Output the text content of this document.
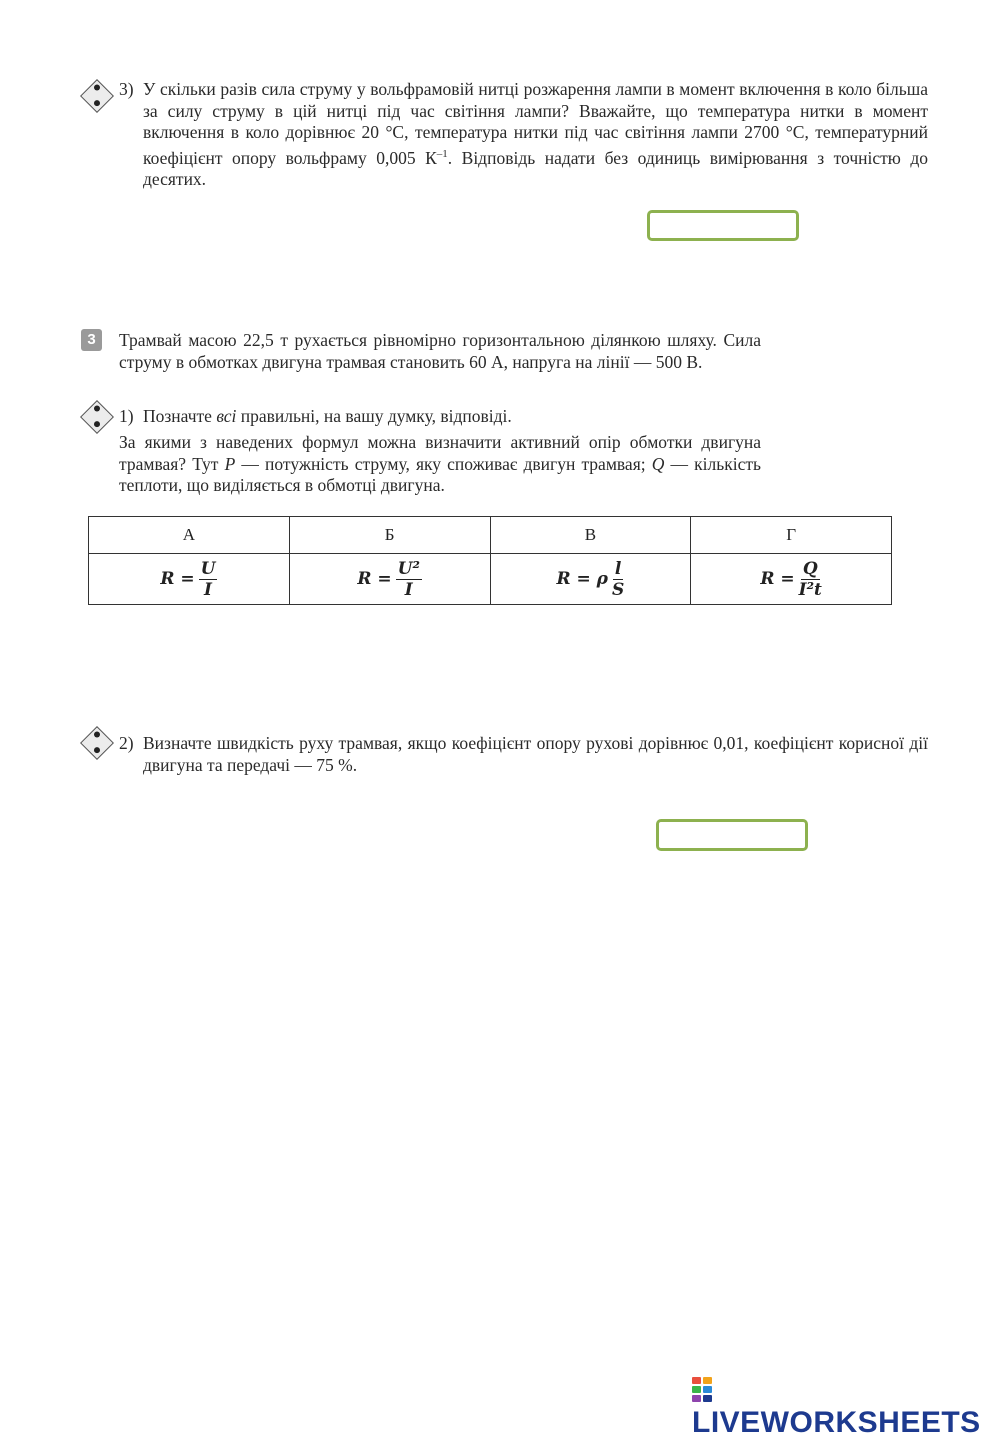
3) У скільки разів сила струму у вольфрамовій нитці розжарення лампи в момент включення в коло більша за силу струму в цій нитці під час світіння лампи? Вважайте, що температура нитки в момент включення в коло дорівнює 20 °С, температура нитки під час світіння лампи 2700 °С, температурний коефіцієнт опору вольфраму 0,005 $К^{-1}$. Відповідь надати без одиниць вимірювання з точністю до десятих.
3	Трамвай масою 22,5 т рухається рівномірно горизонтальною ділянкою шляху. Сила струму в обмотках двигуна трамвая становить 60 А, напруга на лінії — 500 В.
1) Позначте всі правильні, на вашу думку, відповіді.
За якими з наведених формул можна визначити активний опір обмотки двигуна трамвая? Тут P — потужність струму, яку споживає двигун трамвая; Q — кількість теплоти, що виділяється в обмотці двигуна.
А	Б	В	Г

$R = \frac{U}{I}$	$R = \frac{\text{U²}}{I}$	R = ρ $\frac{l}{S}$	$R = \frac{Q}{\text{I²t}}$
2) Визначте швидкість руху трамвая, якщо коефіцієнт опору рухові дорівнює 0,01, коефіцієнт корисної дії двигуна та передачі — 75 %.
LIVEWORKSHEETS
